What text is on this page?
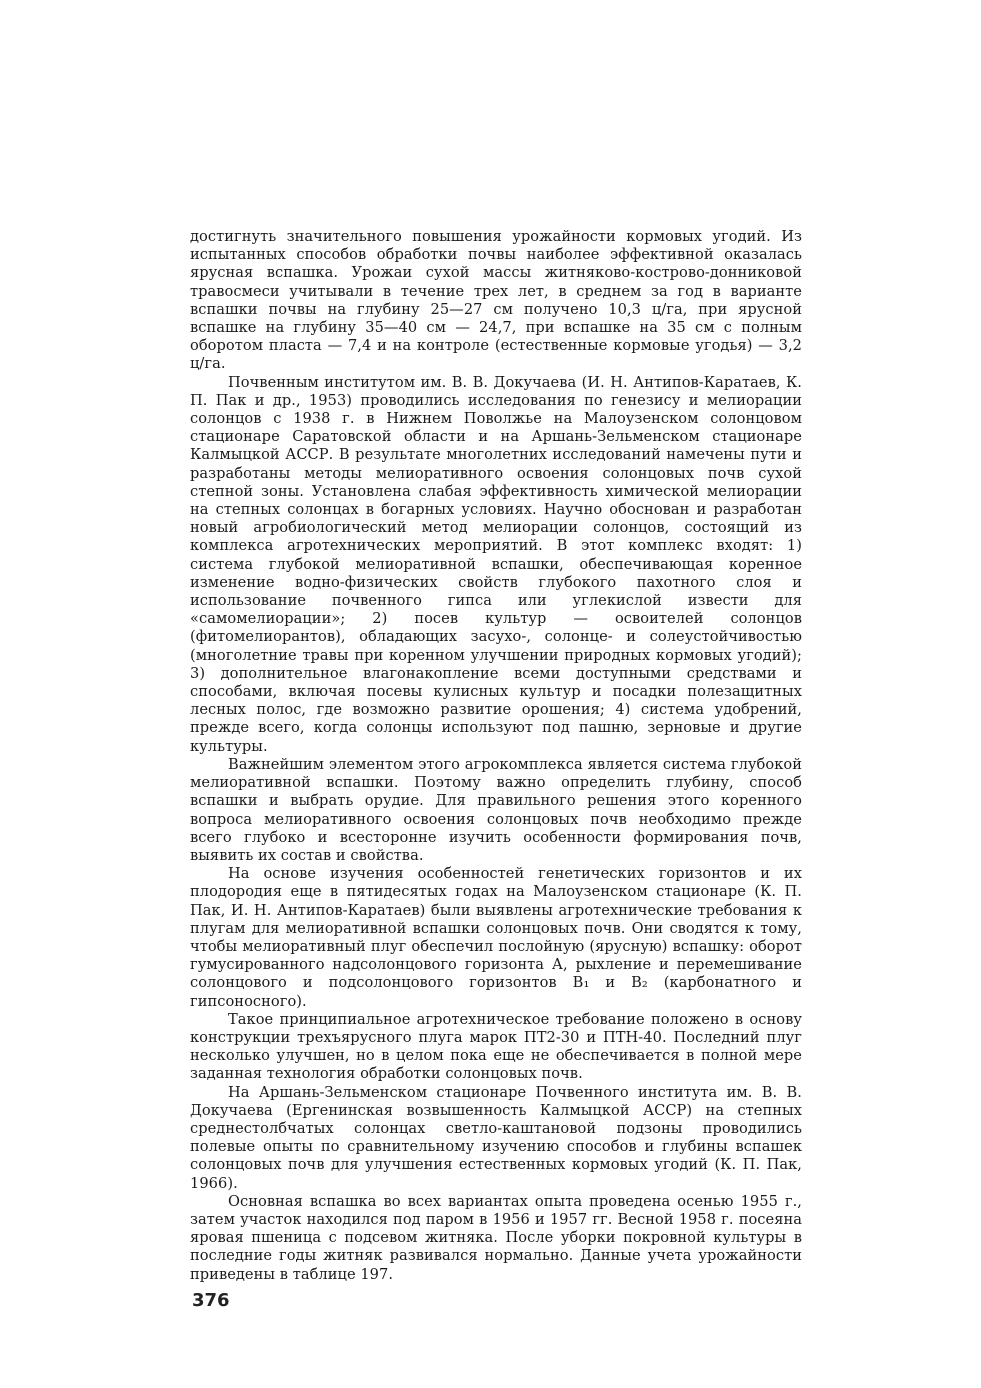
достигнуть значительного повышения урожайности кормовых угодий. Из испытанных способов обработки почвы наиболее эффективной оказалась ярусная вспашка. Урожаи сухой массы житняково-кострово-донниковой травосмеси учитывали в течение трех лет, в среднем за год в варианте вспашки почвы на глубину 25—27 см получено 10,3 ц/га, при ярусной вспашке на глубину 35—40 см — 24,7, при вспашке на 35 см с полным оборотом пласта — 7,4 и на контроле (естественные кормовые угодья) — 3,2 ц/га.

Почвенным институтом им. В. В. Докучаева (И. Н. Антипов-Каратаев, К. П. Пак и др., 1953) проводились исследования по генезису и мелиорации солонцов с 1938 г. в Нижнем Поволжье на Малоузенском солонцовом стационаре Саратовской области и на Аршань-Зельменском стационаре Калмыцкой АССР. В результате многолетних исследований намечены пути и разработаны методы мелиоративного освоения солонцовых почв сухой степной зоны. Установлена слабая эффективность химической мелиорации на степных солонцах в богарных условиях. Научно обоснован и разработан новый агробиологический метод мелиорации солонцов, состоящий из комплекса агротехнических мероприятий. В этот комплекс входят: 1) система глубокой мелиоративной вспашки, обеспечивающая коренное изменение водно-физических свойств глубокого пахотного слоя и использование почвенного гипса или углекислой извести для «самомелиорации»; 2) посев культур — освоителей солонцов (фитомелиорантов), обладающих засухо-, солонце- и солеустойчивостью (многолетние травы при коренном улучшении природных кормовых угодий); 3) дополнительное влагонакопление всеми доступными средствами и способами, включая посевы кулисных культур и посадки полезащитных лесных полос, где возможно развитие орошения; 4) система удобрений, прежде всего, когда солонцы используют под пашню, зерновые и другие культуры.

Важнейшим элементом этого агрокомплекса является система глубокой мелиоративной вспашки. Поэтому важно определить глубину, способ вспашки и выбрать орудие. Для правильного решения этого коренного вопроса мелиоративного освоения солонцовых почв необходимо прежде всего глубоко и всесторонне изучить особенности формирования почв, выявить их состав и свойства.

На основе изучения особенностей генетических горизонтов и их плодородия еще в пятидесятых годах на Малоузенском стационаре (К. П. Пак, И. Н. Антипов-Каратаев) были выявлены агротехнические требования к плугам для мелиоративной вспашки солонцовых почв. Они сводятся к тому, чтобы мелиоративный плуг обеспечил послойную (ярусную) вспашку: оборот гумусированного надсолонцового горизонта А, рыхление и перемешивание солонцового и подсолонцового горизонтов В₁ и В₂ (карбонатного и гипсоносного).

Такое принципиальное агротехническое требование положено в основу конструкции трехъярусного плуга марок ПТ2-30 и ПТН-40. Последний плуг несколько улучшен, но в целом пока еще не обеспечивается в полной мере заданная технология обработки солонцовых почв.

На Аршань-Зельменском стационаре Почвенного института им. В. В. Докучаева (Ергенинская возвышенность Калмыцкой АССР) на степных среднестолбчатых солонцах светло-каштановой подзоны проводились полевые опыты по сравнительному изучению способов и глубины вспашек солонцовых почв для улучшения естественных кормовых угодий (К. П. Пак, 1966).

Основная вспашка во всех вариантах опыта проведена осенью 1955 г., затем участок находился под паром в 1956 и 1957 гг. Весной 1958 г. посеяна яровая пшеница с подсевом житняка. После уборки покровной культуры в последние годы житняк развивался нормально. Данные учета урожайности приведены в таблице 197.

376
